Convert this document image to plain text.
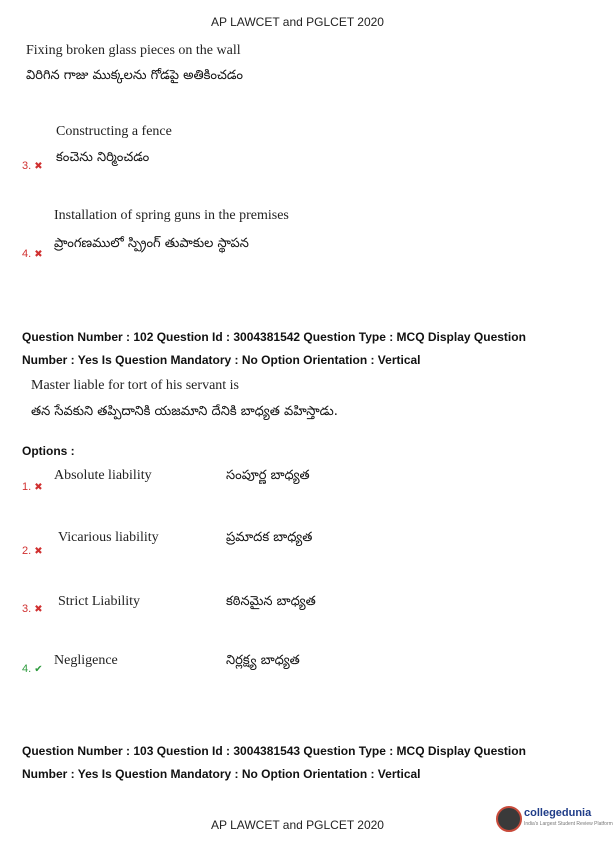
AP LAWCET and PGLCET 2020
Fixing broken glass pieces on the wall
విరిగిన గాజు ముక్కలను గోడపై అతికించడం
Constructing a fence
3. ✖
కంచెను నిర్మించడం
Installation of spring guns in the premises
4. ✖
ప్రాంగణములో స్ప్రింగ్ తుపాకుల స్థాపన
Question Number : 102 Question Id : 3004381542 Question Type : MCQ Display Question
Number : Yes Is Question Mandatory : No Option Orientation : Vertical
Master liable for tort of his servant is
తన సేవకుని తప్పిదానికి యజమాని దేనికి బాధ్యత వహిస్తాడు.
Options :
1. ✖
Absolute liability	సంపూర్ణ బాధ్యత
2. ✖
Vicarious liability	ప్రమాదక బాధ్యత
3. ✖
Strict Liability	కఠినమైన బాధ్యత
4. ✔
Negligence	నిర్లక్ష్య బాధ్యత
Question Number : 103 Question Id : 3004381543 Question Type : MCQ Display Question
Number : Yes Is Question Mandatory : No Option Orientation : Vertical
AP LAWCET and PGLCET 2020
collegedunia
India's Largest Student Review Platform
